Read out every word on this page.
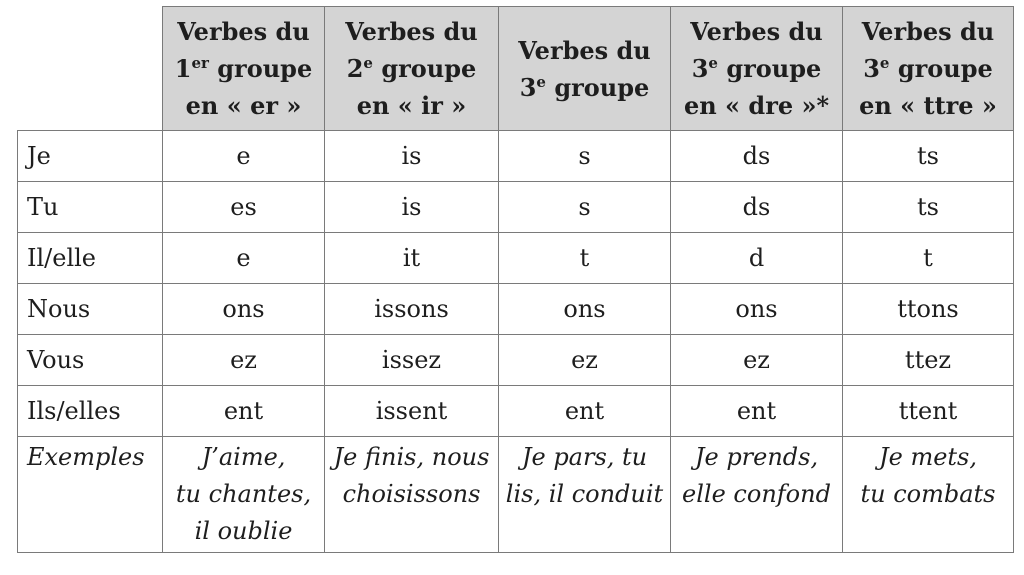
	Verbes du
1er groupe
en « er »	Verbes du
2e groupe
en « ir »	Verbes du
3e groupe	Verbes du
3e groupe
en « dre »*	Verbes du
3e groupe
en « ttre »
Je	e	is	s	ds	ts
Tu	es	is	s	ds	ts
Il/elle	e	it	t	d	t
Nous	ons	issons	ons	ons	ttons
Vous	ez	issez	ez	ez	ttez
Ils/elles	ent	issent	ent	ent	ttent
Exemples	J’aime,
tu chantes,
il oublie	Je finis, nous
choisissons	Je pars, tu
lis, il conduit	Je prends,
elle confond	Je mets,
tu combats
